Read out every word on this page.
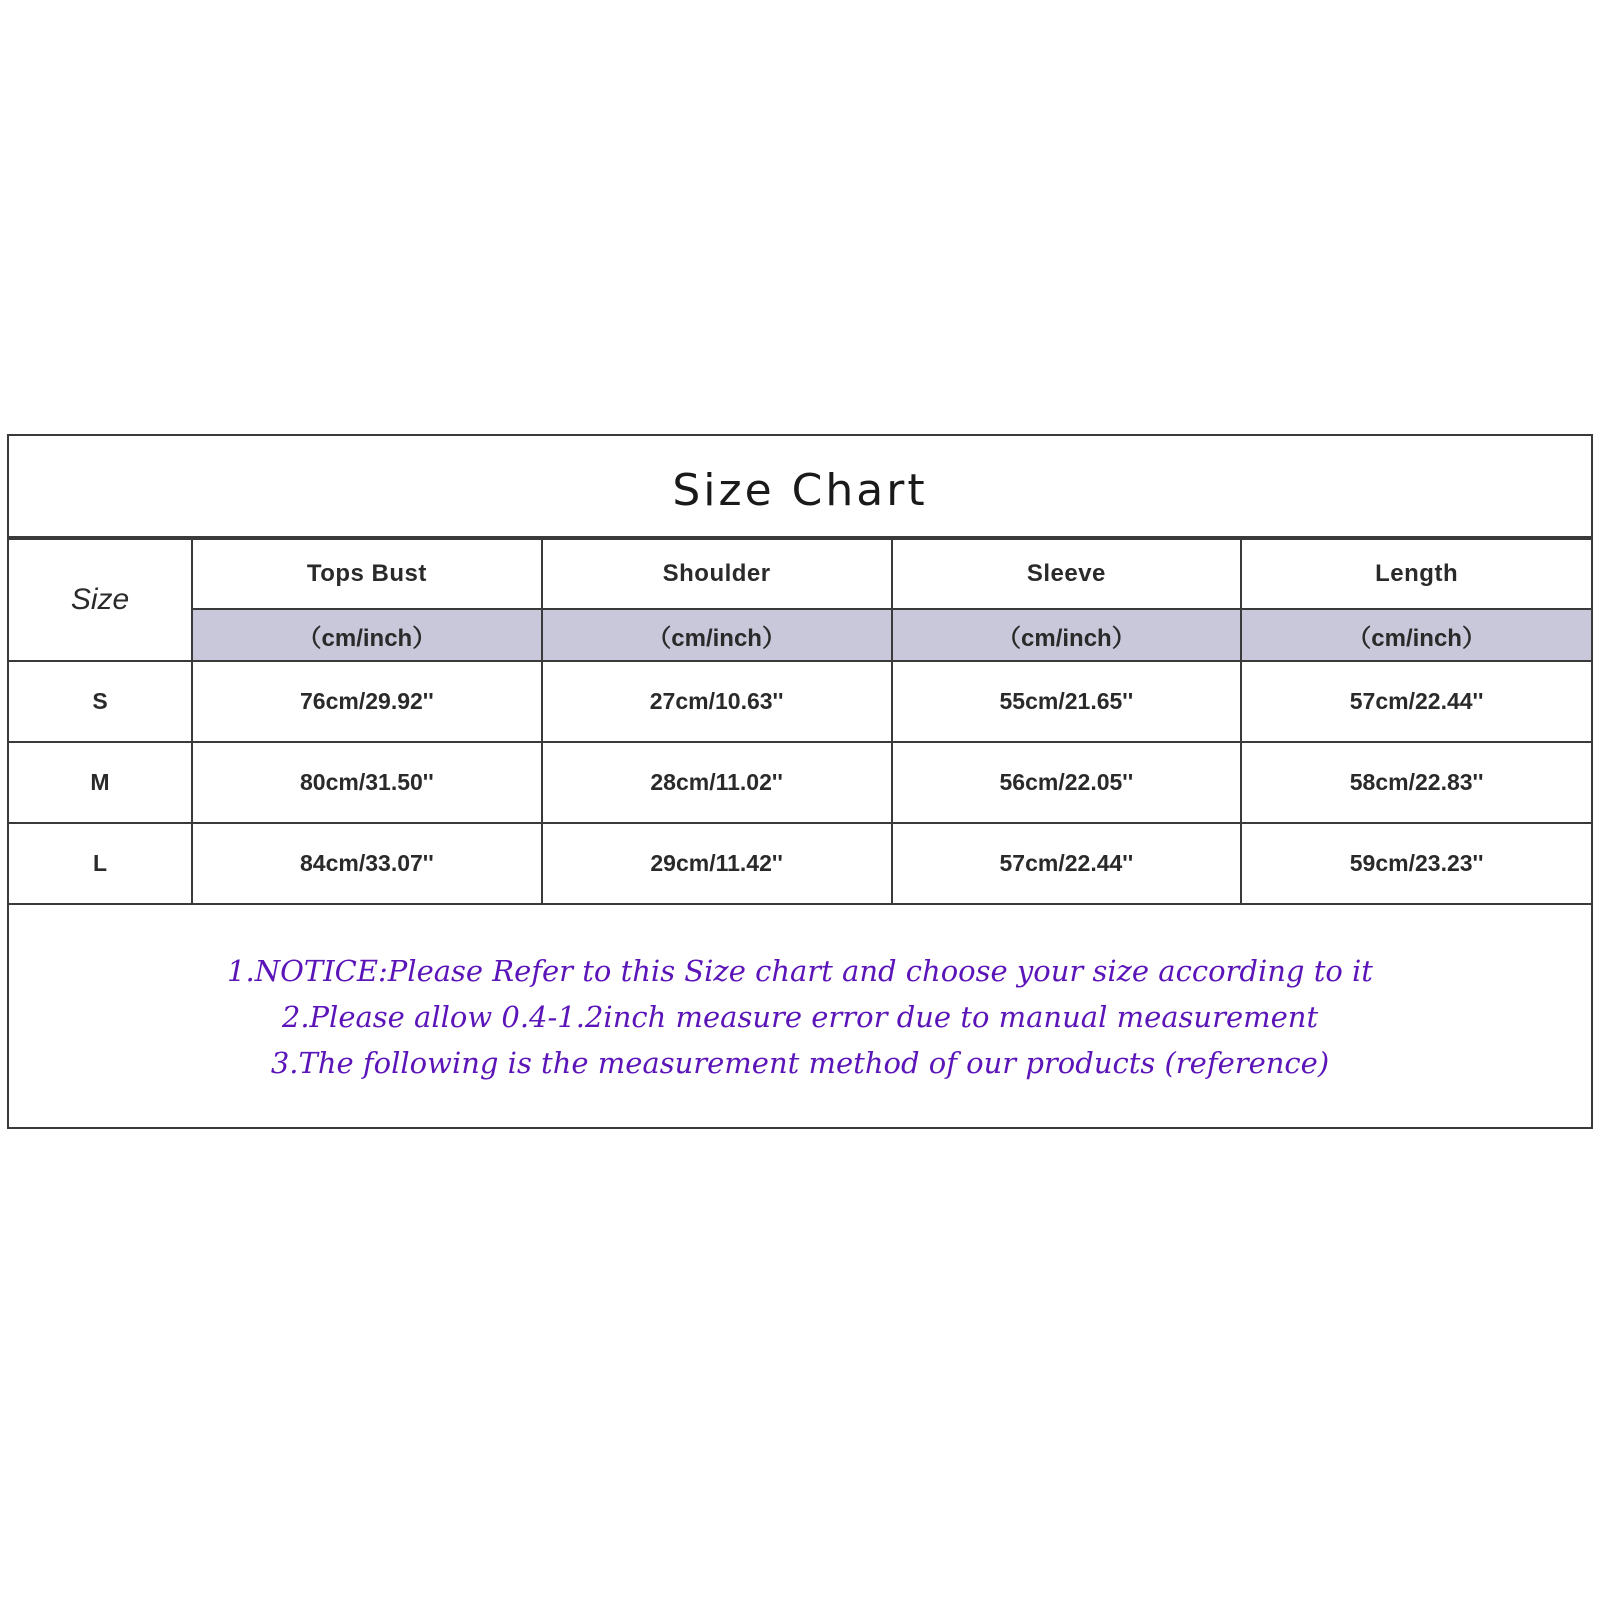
Size Chart
Size	Tops Bust	Shoulder	Sleeve	Length
	（cm/inch）	（cm/inch）	（cm/inch）	（cm/inch）
S	76cm/29.92''	27cm/10.63''	55cm/21.65''	57cm/22.44''
M	80cm/31.50''	28cm/11.02''	56cm/22.05''	58cm/22.83''
L	84cm/33.07''	29cm/11.42''	57cm/22.44''	59cm/23.23''
1.NOTICE:Please Refer to this Size chart and choose your size according to it
2.Please allow 0.4-1.2inch measure error due to manual measurement
3.The following is the measurement method of our products (reference)
